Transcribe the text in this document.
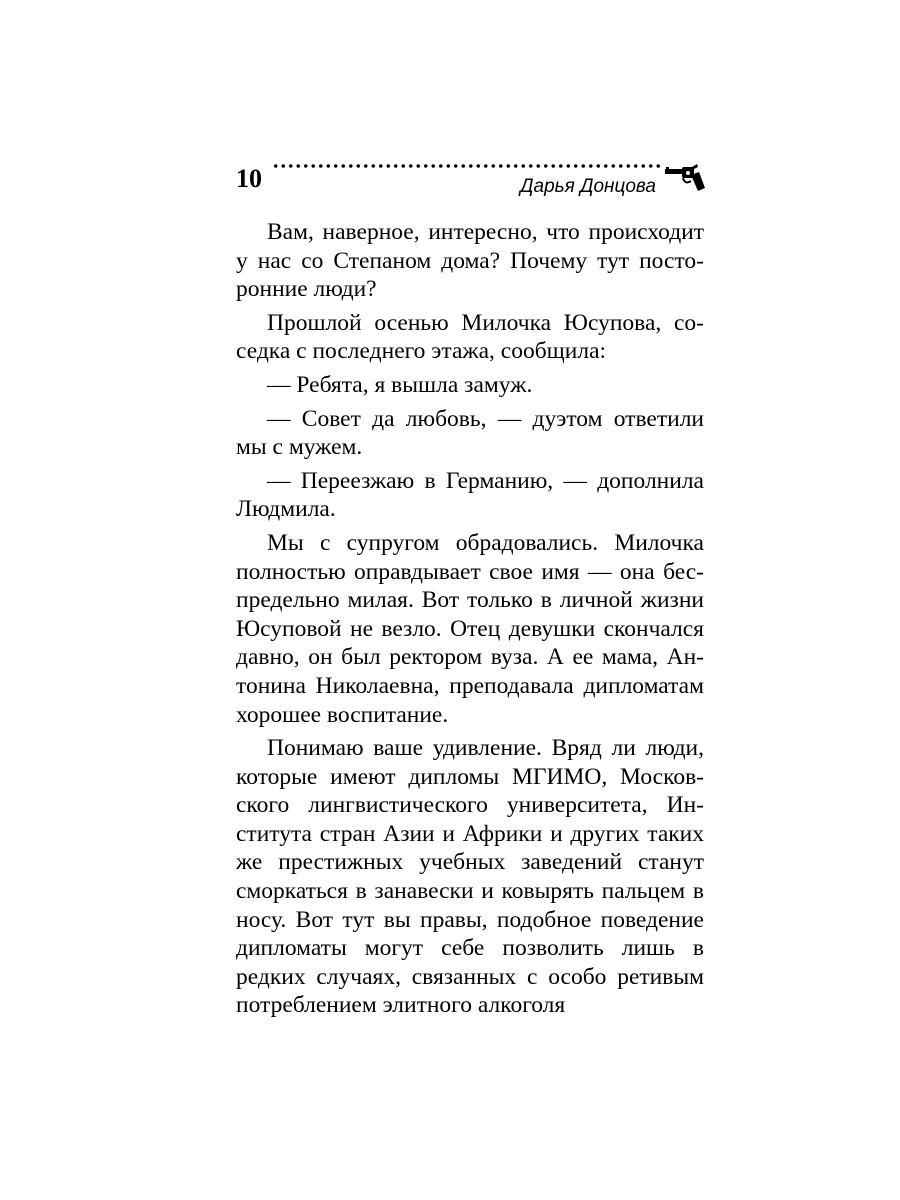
10	Дарья Донцова

Вам, наверное, интересно, что происходит у нас со Степаном дома? Почему тут посторонние люди?

Прошлой осенью Милочка Юсупова, соседка с последнего этажа, сообщила:

— Ребята, я вышла замуж.

— Совет да любовь, — дуэтом ответили мы с мужем.

— Переезжаю в Германию, — дополнила Людмила.

Мы с супругом обрадовались. Милочка полностью оправдывает свое имя — она беспредельно милая. Вот только в личной жизни Юсуповой не везло. Отец девушки скончался давно, он был ректором вуза. А ее мама, Антонина Николаевна, преподавала дипломатам хорошее воспитание.

Понимаю ваше удивление. Вряд ли люди, которые имеют дипломы МГИМО, Московского лингвистического университета, Института стран Азии и Африки и других таких же престижных учебных заведений станут сморкаться в занавески и ковырять пальцем в носу. Вот тут вы правы, подобное поведение дипломаты могут себе позволить лишь в редких случаях, связанных с особо ретивым потреблением элитного алкоголя
